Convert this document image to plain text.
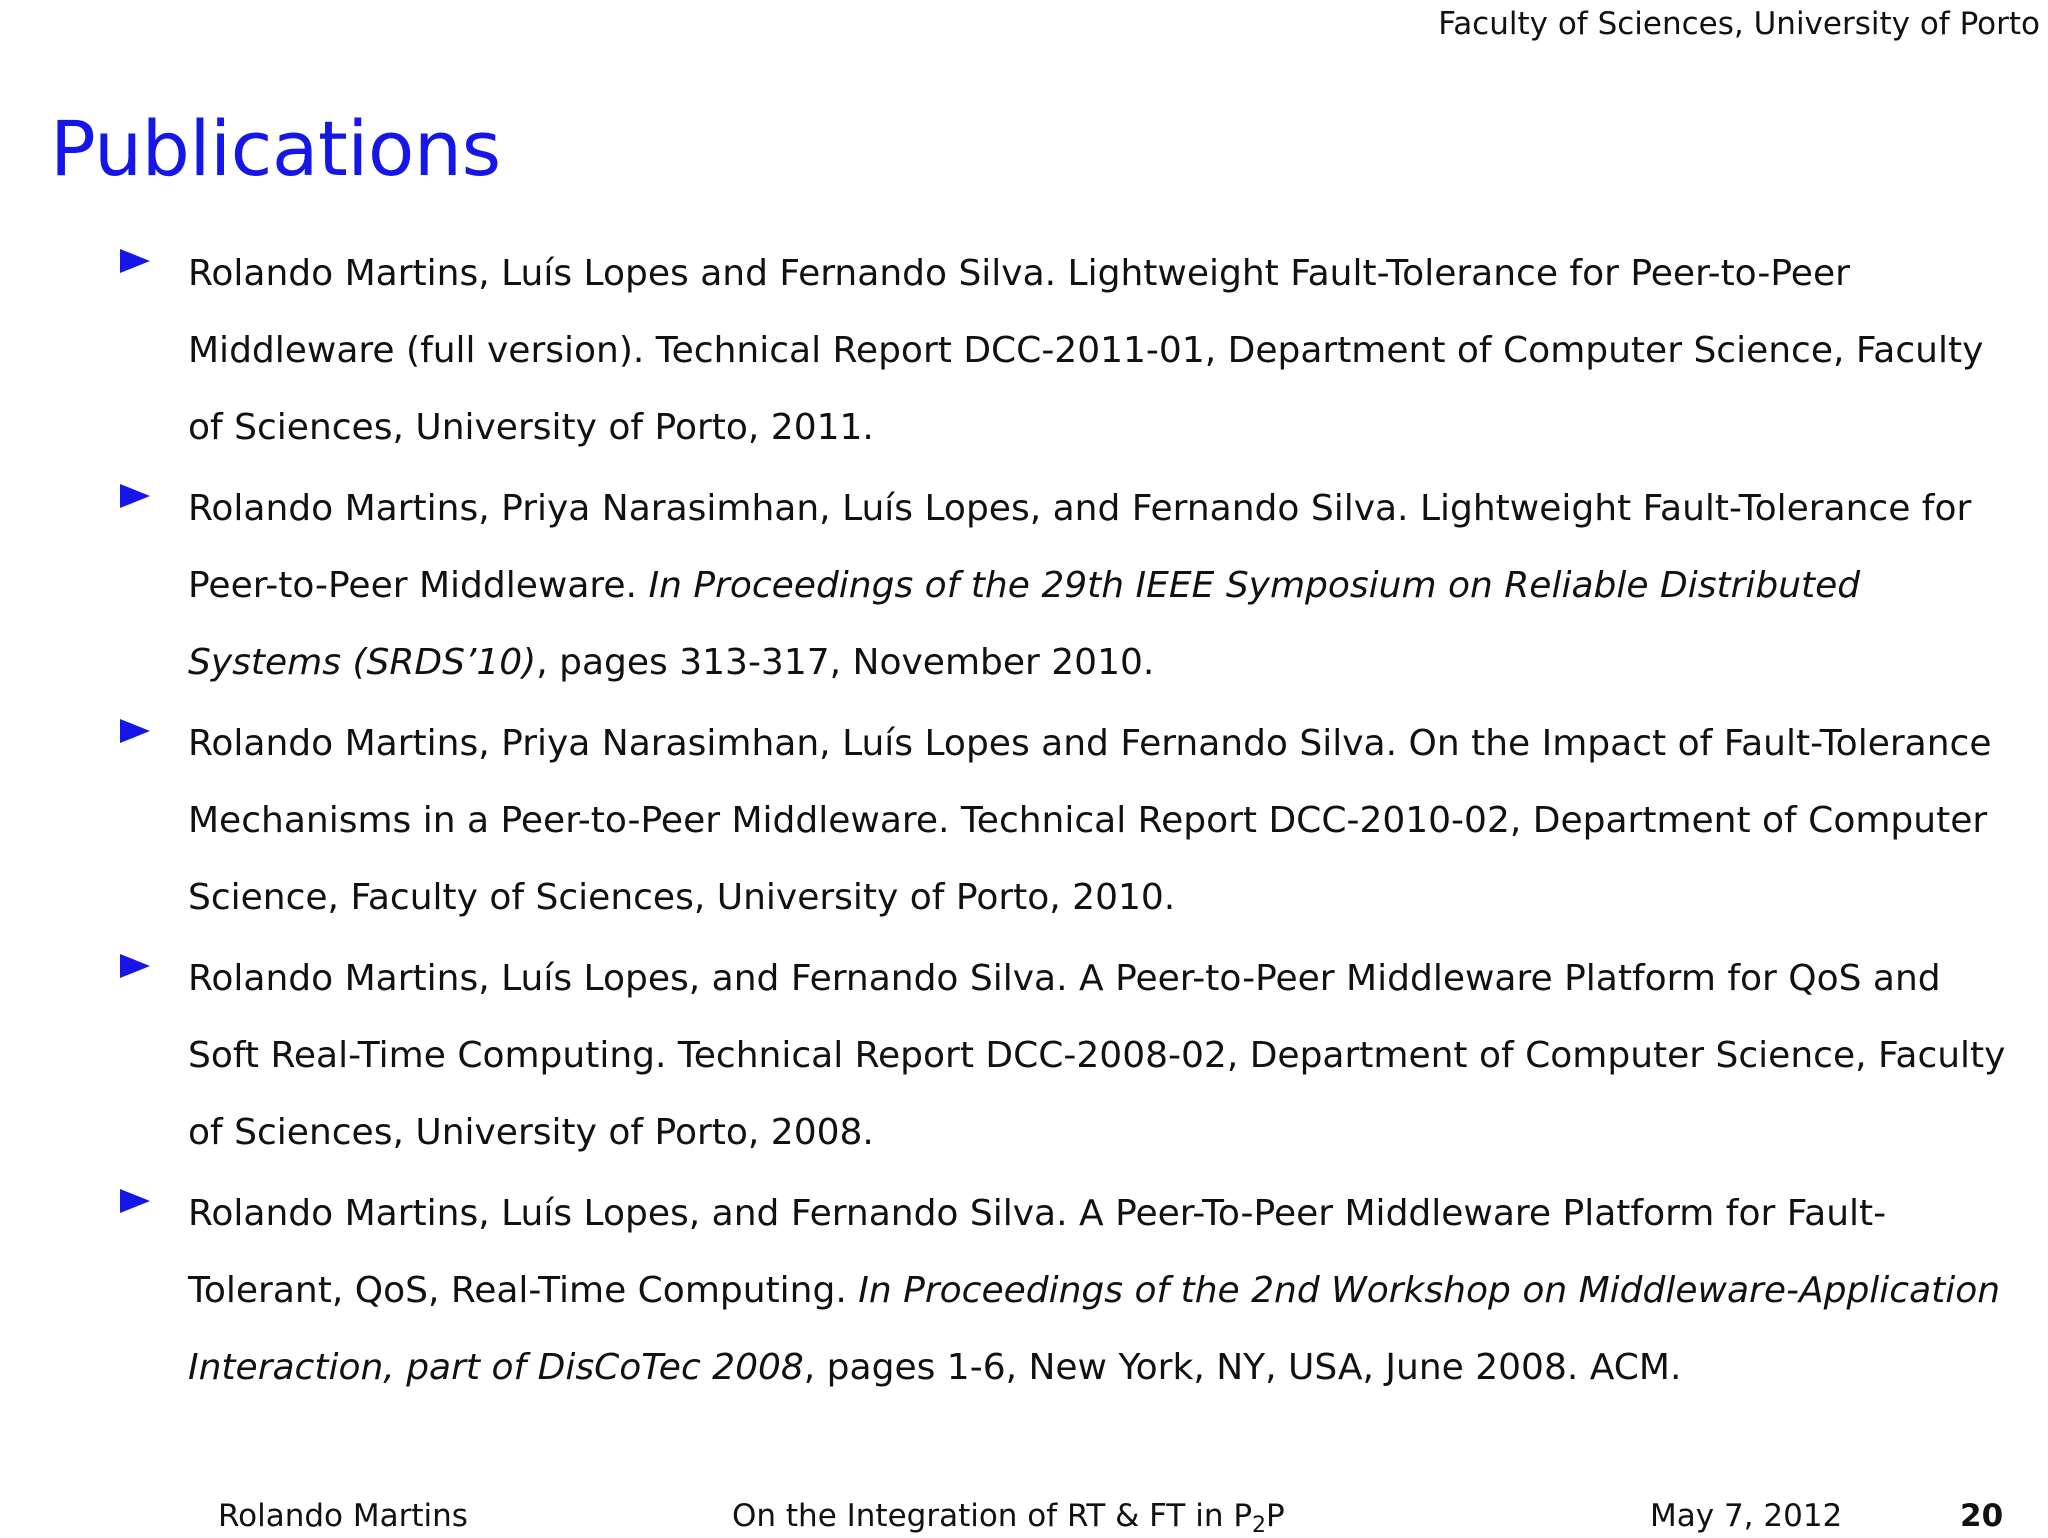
Faculty of Sciences, University of Porto
Publications
Rolando Martins, Luís Lopes and Fernando Silva. Lightweight Fault-Tolerance for Peer-to-Peer Middleware (full version). Technical Report DCC-2011-01, Department of Computer Science, Faculty of Sciences, University of Porto, 2011.
Rolando Martins, Priya Narasimhan, Luís Lopes, and Fernando Silva. Lightweight Fault-Tolerance for Peer-to-Peer Middleware. In Proceedings of the 29th IEEE Symposium on Reliable Distributed Systems (SRDS’10), pages 313-317, November 2010.
Rolando Martins, Priya Narasimhan, Luís Lopes and Fernando Silva. On the Impact of Fault-Tolerance Mechanisms in a Peer-to-Peer Middleware. Technical Report DCC-2010-02, Department of Computer Science, Faculty of Sciences, University of Porto, 2010.
Rolando Martins, Luís Lopes, and Fernando Silva. A Peer-to-Peer Middleware Platform for QoS and Soft Real-Time Computing. Technical Report DCC-2008-02, Department of Computer Science, Faculty of Sciences, University of Porto, 2008.
Rolando Martins, Luís Lopes, and Fernando Silva. A Peer-To-Peer Middleware Platform for Fault-Tolerant, QoS, Real-Time Computing. In Proceedings of the 2nd Workshop on Middleware-Application Interaction, part of DisCoTec 2008, pages 1-6, New York, NY, USA, June 2008. ACM.
Rolando Martins	On the Integration of RT & FT in $P_2P$	May 7, 2012	20
